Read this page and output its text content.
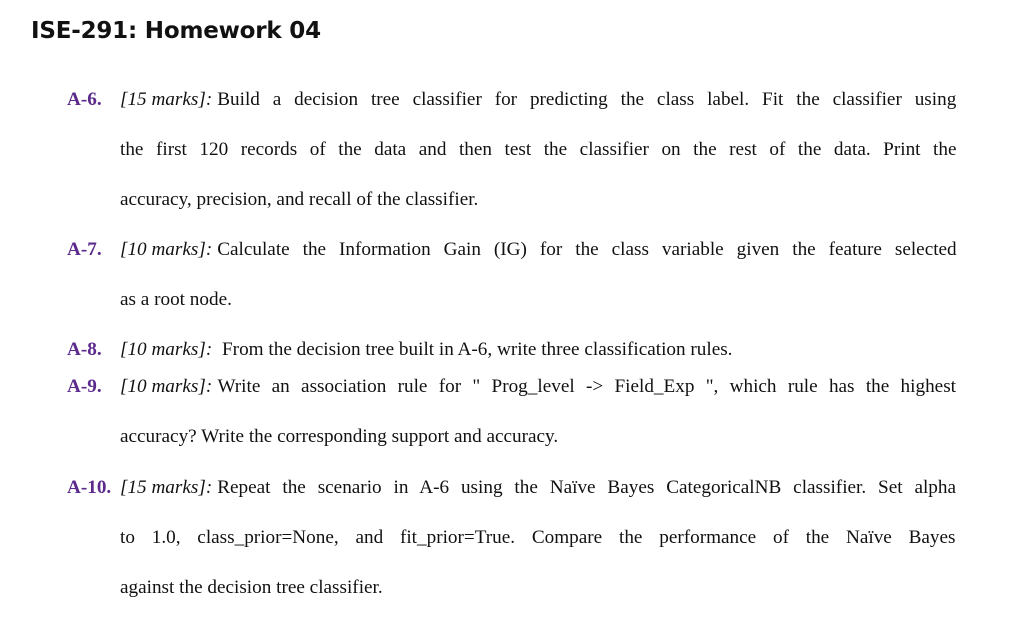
ISE-291: Homework 04
A-6. [15 marks]: Build a decision tree classifier for predicting the class label. Fit the classifier using
the first 120 records of the data and then test the classifier on the rest of the data. Print the
accuracy, precision, and recall of the classifier.
A-7. [10 marks]: Calculate the Information Gain (IG) for the class variable given the feature selected
as a root node.
A-8. [10 marks]: From the decision tree built in A-6, write three classification rules.
A-9. [10 marks]: Write an association rule for " Prog_level -> Field_Exp ", which rule has the highest
accuracy? Write the corresponding support and accuracy.
A-10. [15 marks]: Repeat the scenario in A-6 using the Naïve Bayes CategoricalNB classifier. Set alpha
to 1.0, class_prior=None, and fit_prior=True. Compare the performance of the Naïve Bayes
against the decision tree classifier.
